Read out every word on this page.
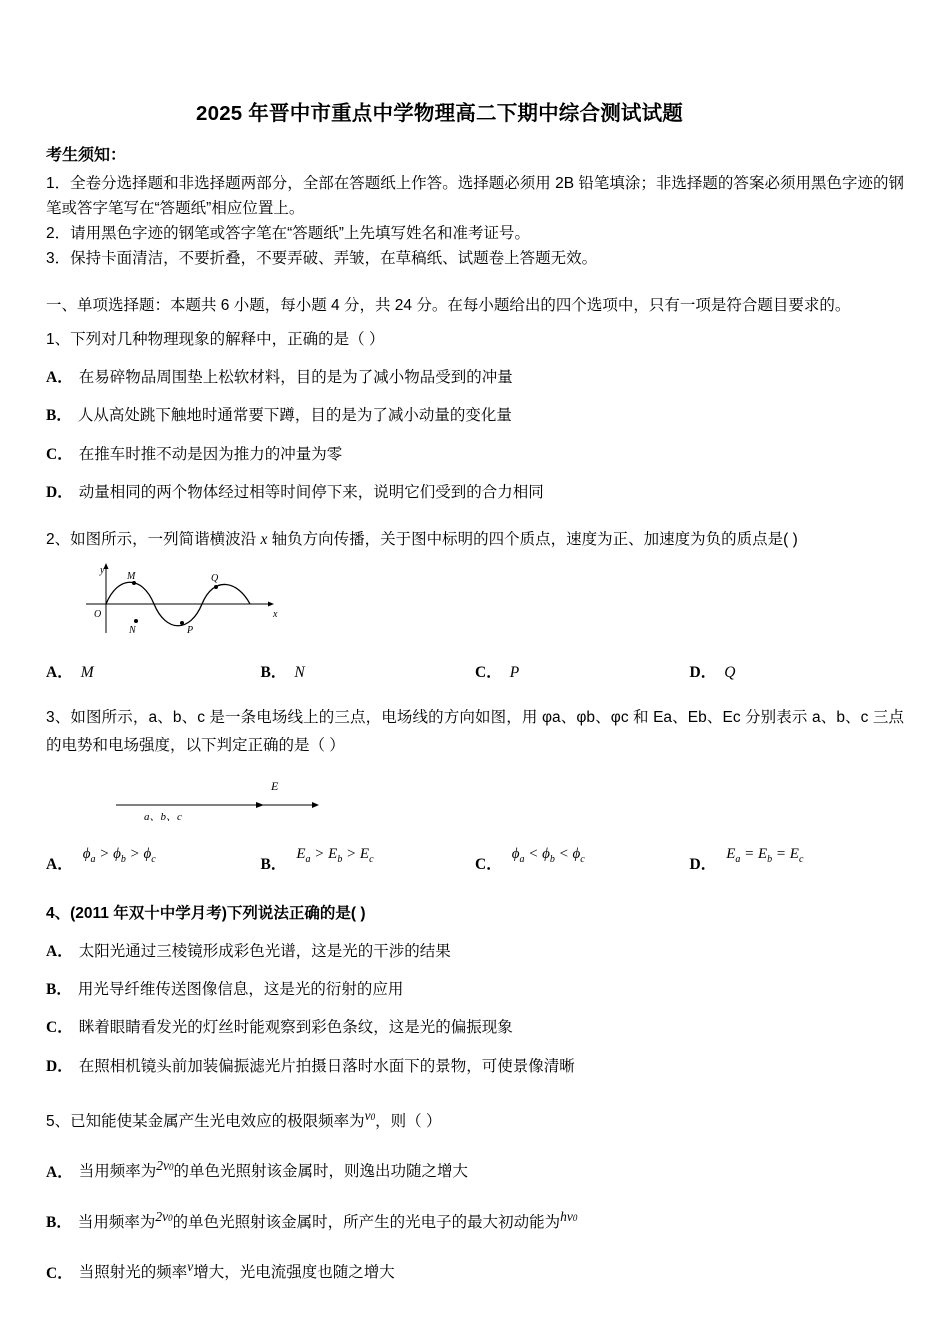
2025 年晋中市重点中学物理高二下期中综合测试试题
考生须知：
1．全卷分选择题和非选择题两部分，全部在答题纸上作答。选择题必须用 2B 铅笔填涂；非选择题的答案必须用黑色字迹的钢笔或答字笔写在“答题纸”相应位置上。
2．请用黑色字迹的钢笔或答字笔在“答题纸”上先填写姓名和准考证号。
3．保持卡面清洁，不要折叠，不要弄破、弄皱，在草稿纸、试题卷上答题无效。
一、单项选择题：本题共 6 小题，每小题 4 分，共 24 分。在每小题给出的四个选项中，只有一项是符合题目要求的。
1、下列对几种物理现象的解释中，正确的是（ ）
A． 在易碎物品周围垫上松软材料，目的是为了减小物品受到的冲量
B． 人从高处跳下触地时通常要下蹲，目的是为了减小动量的变化量
C． 在推车时推不动是因为推力的冲量为零
D． 动量相同的两个物体经过相等时间停下来，说明它们受到的合力相同
2、如图所示，一列简谐横波沿 x 轴负方向传播，关于图中标明的四个质点，速度为正、加速度为负的质点是( )
y
O	x
M
N	P
Q
A． M	B． N	C． P	D． Q
3、如图所示，a、b、c 是一条电场线上的三点，电场线的方向如图，用 φa、φb、φc 和 Ea、Eb、Ec 分别表示 a、b、c 三点的电势和电场强度，以下判定正确的是（ ）
E
a、b、c
A．
$\phi_a > \phi_b > \phi_c$	B．
$E_a > E_b > E_c$	C．
$\phi_a < \phi_b < \phi_c$	D．
$E_a = E_b = E_c$
4、(2011 年双十中学月考)下列说法正确的是( )
A． 太阳光通过三棱镜形成彩色光谱，这是光的干涉的结果
B． 用光导纤维传送图像信息，这是光的衍射的应用
C． 眯着眼睛看发光的灯丝时能观察到彩色条纹，这是光的偏振现象
D． 在照相机镜头前加装偏振滤光片拍摄日落时水面下的景物，可使景像清晰
5、已知能使某金属产生光电效应的极限频率为ν0，则（ ）
A． 当用频率为2ν0的单色光照射该金属时，则逸出功随之增大
B． 当用频率为2ν0的单色光照射该金属时，所产生的光电子的最大初动能为hν0
C． 当照射光的频率ν增大，光电流强度也随之增大
